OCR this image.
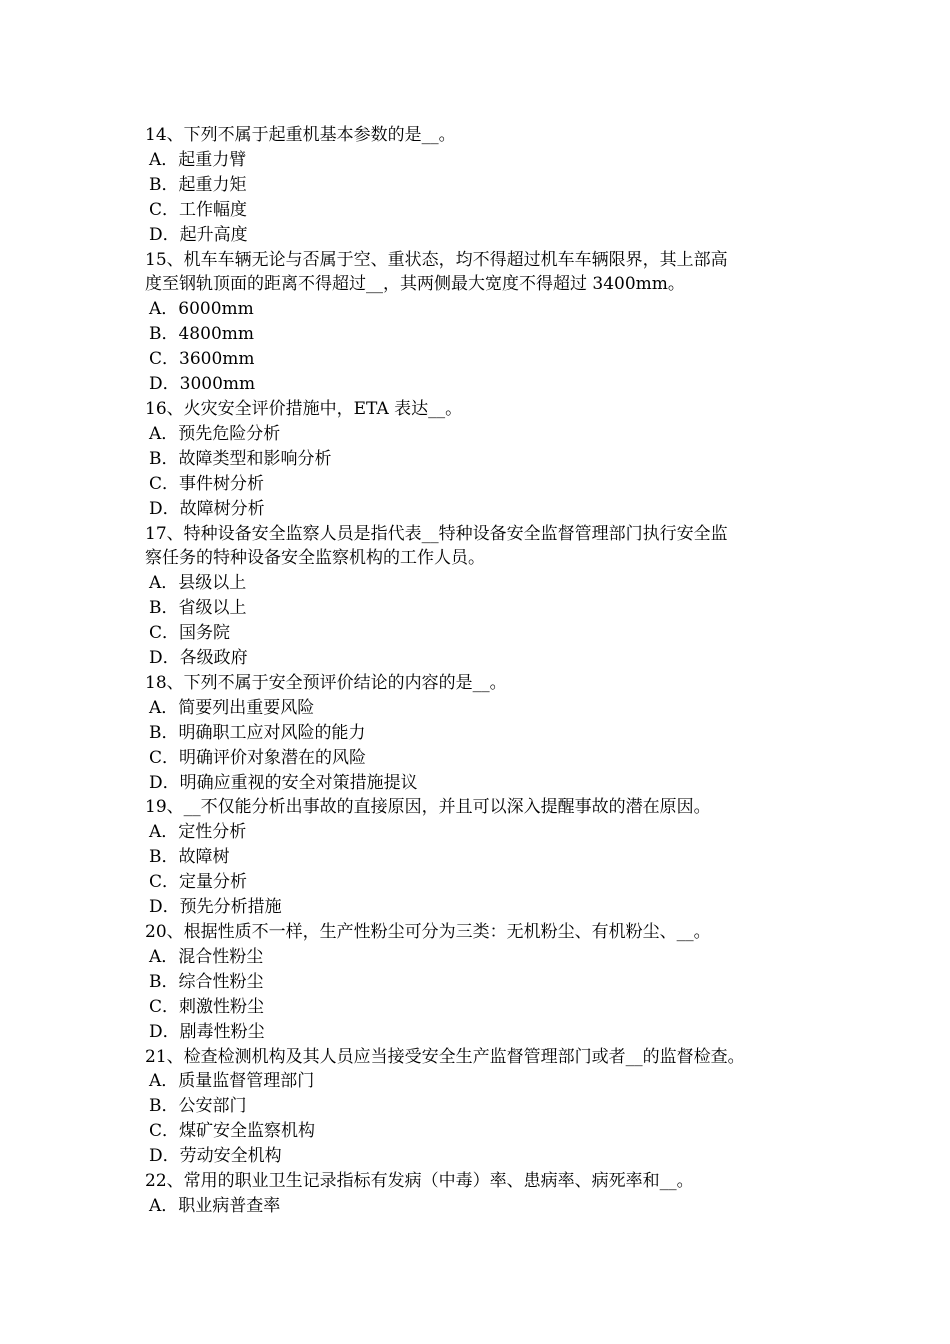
14、下列不属于起重机基本参数的是__。
A．起重力臂
B．起重力矩
C．工作幅度
D．起升高度
15、机车车辆无论与否属于空、重状态，均不得超过机车车辆限界，其上部高
度至钢轨顶面的距离不得超过__，其两侧最大宽度不得超过 3400mm。
A．6000mm
B．4800mm
C．3600mm
D．3000mm
16、火灾安全评价措施中，ETA 表达__。
A．预先危险分析
B．故障类型和影响分析
C．事件树分析
D．故障树分析
17、特种设备安全监察人员是指代表__特种设备安全监督管理部门执行安全监
察任务的特种设备安全监察机构的工作人员。
A．县级以上
B．省级以上
C．国务院
D．各级政府
18、下列不属于安全预评价结论的内容的是__。
A．简要列出重要风险
B．明确职工应对风险的能力
C．明确评价对象潜在的风险
D．明确应重视的安全对策措施提议
19、__不仅能分析出事故的直接原因，并且可以深入提醒事故的潜在原因。
A．定性分析
B．故障树
C．定量分析
D．预先分析措施
20、根据性质不一样，生产性粉尘可分为三类：无机粉尘、有机粉尘、__。
A．混合性粉尘
B．综合性粉尘
C．刺激性粉尘
D．剧毒性粉尘
21、检查检测机构及其人员应当接受安全生产监督管理部门或者__的监督检查。
A．质量监督管理部门
B．公安部门
C．煤矿安全监察机构
D．劳动安全机构
22、常用的职业卫生记录指标有发病（中毒）率、患病率、病死率和__。
A．职业病普查率
